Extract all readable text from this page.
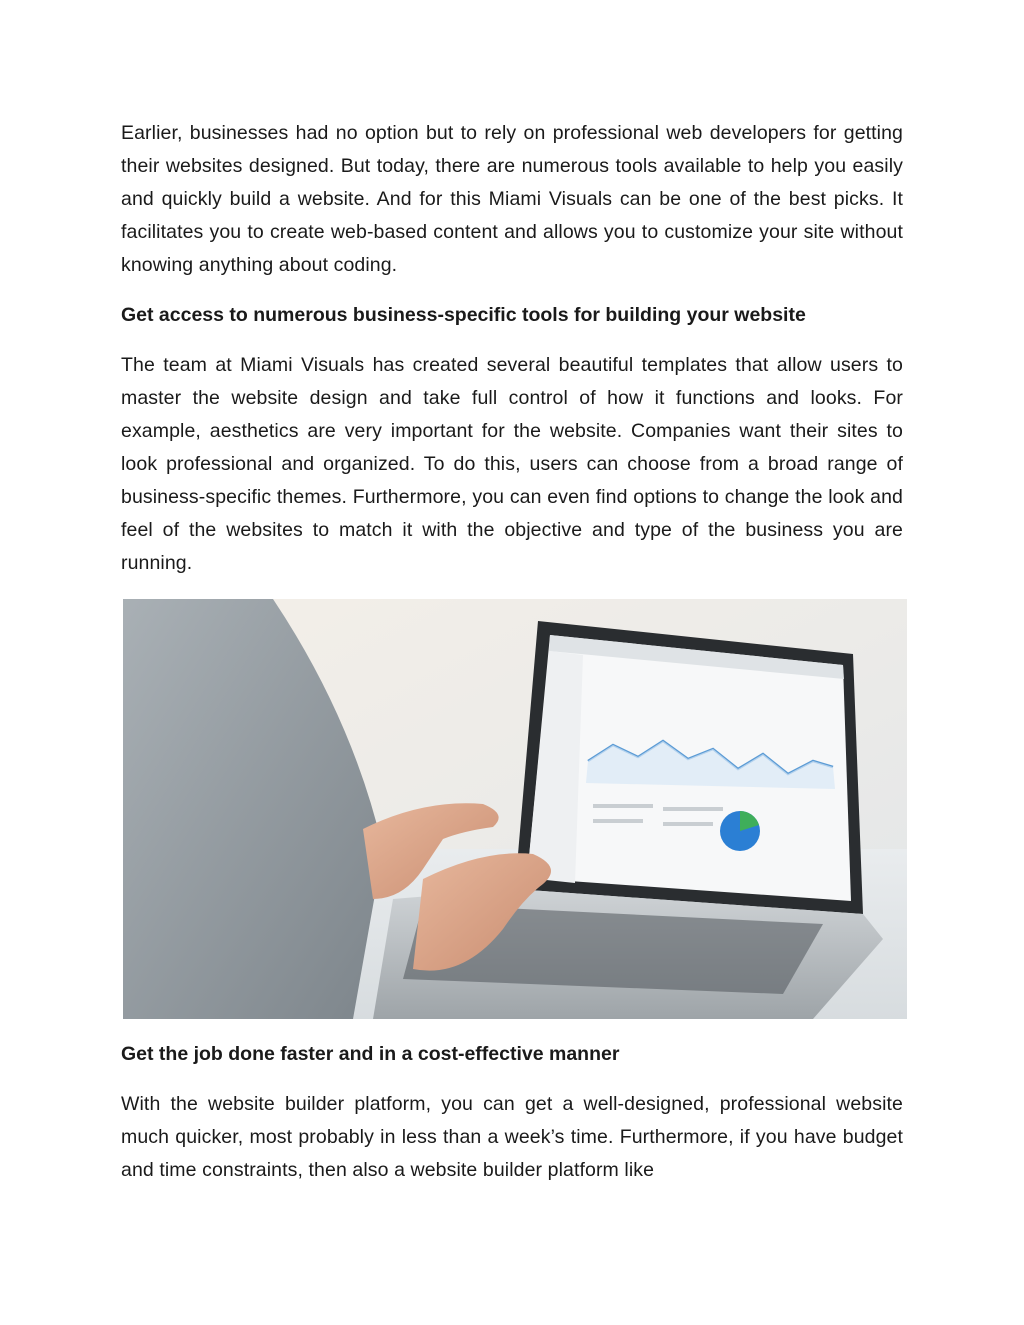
Earlier, businesses had no option but to rely on professional web developers for getting their websites designed. But today, there are numerous tools available to help you easily and quickly build a website. And for this Miami Visuals can be one of the best picks. It facilitates you to create web-based content and allows you to customize your site without knowing anything about coding.

Get access to numerous business-specific tools for building your website

The team at Miami Visuals has created several beautiful templates that allow users to master the website design and take full control of how it functions and looks. For example, aesthetics are very important for the website. Companies want their sites to look professional and organized. To do this, users can choose from a broad range of business-specific themes. Furthermore, you can even find options to change the look and feel of the websites to match it with the objective and type of the business you are running.

Get the job done faster and in a cost-effective manner

With the website builder platform, you can get a well-designed, professional website much quicker, most probably in less than a week’s time. Furthermore, if you have budget and time constraints, then also a website builder platform like
